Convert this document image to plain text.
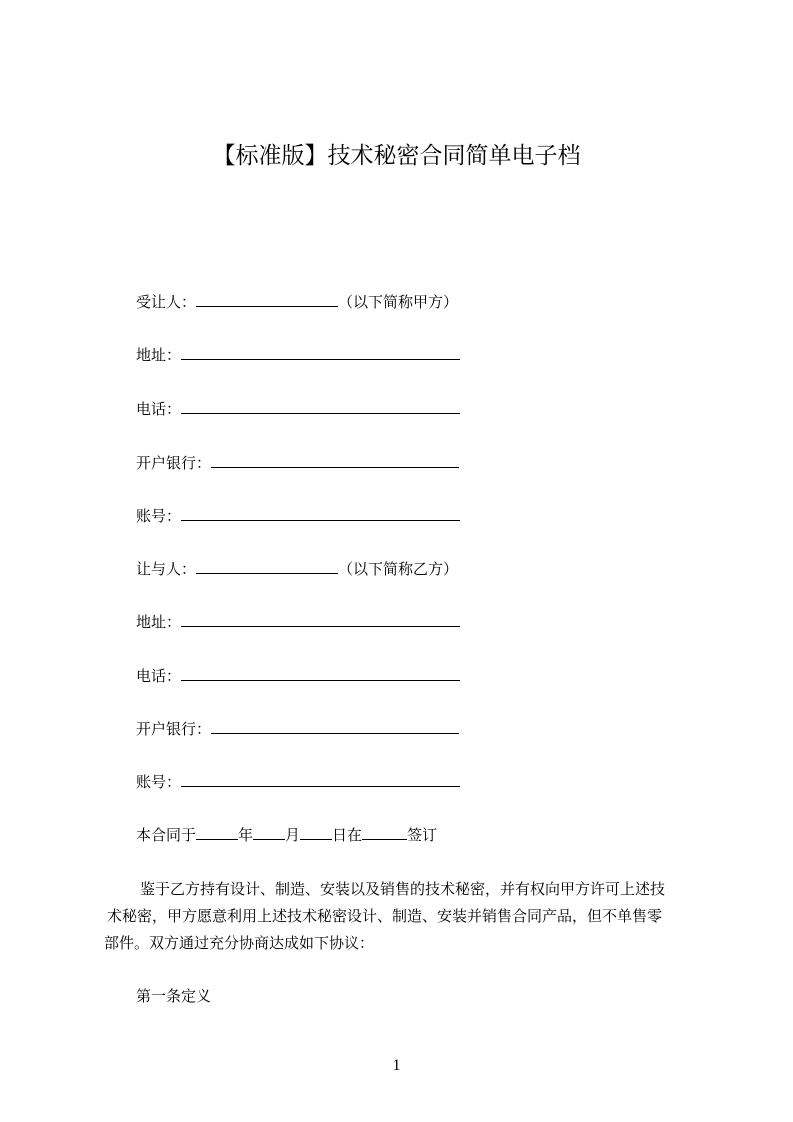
【标准版】技术秘密合同简单电子档
受让人：	（以下简称甲方）
地址：
电话：
开户银行：
账号：
让与人：	（以下简称乙方）
地址：
电话：
开户银行：
账号：
本合同于	年 月 日在	签订
鉴于乙方持有设计、制造、安装以及销售的技术秘密，并有权向甲方许可上述技
术秘密，甲方愿意利用上述技术秘密设计、制造、安装并销售合同产品，但不单售零
部件。双方通过充分协商达成如下协议：
第一条定义
1
